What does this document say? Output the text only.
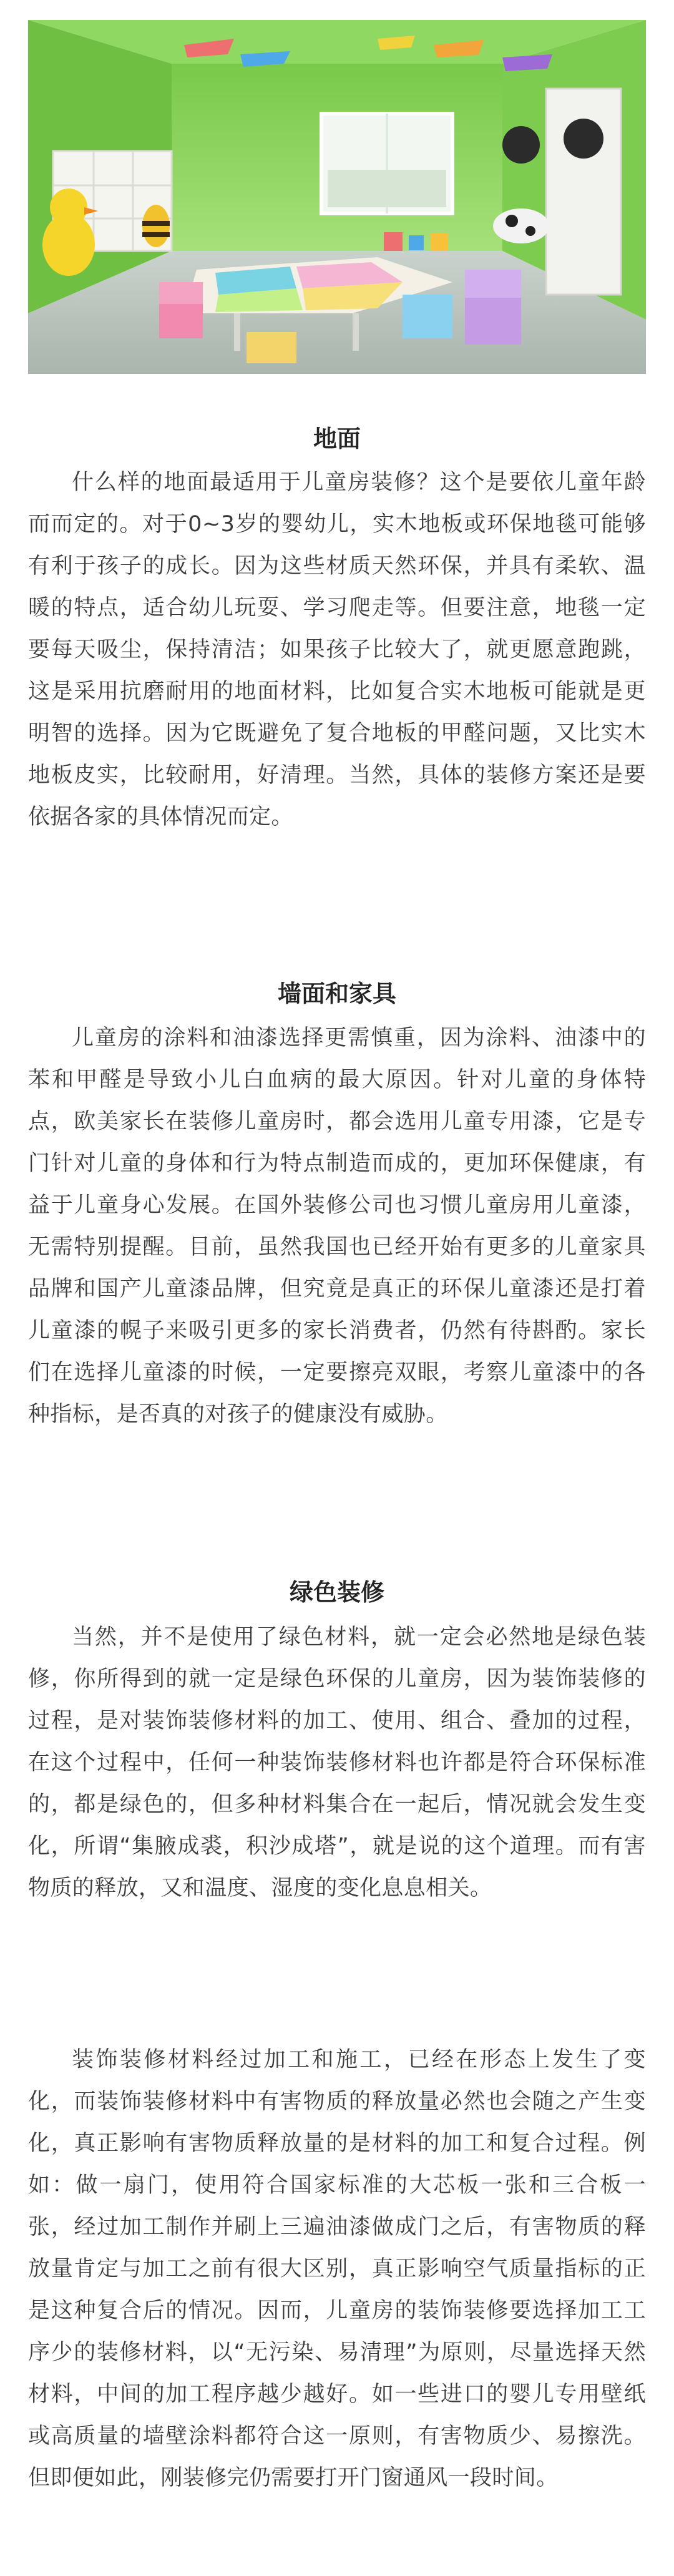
地面

什么样的地面最适用于儿童房装修？这个是要依儿童年龄而而定的。对于0~3岁的婴幼儿，实木地板或环保地毯可能够有利于孩子的成长。因为这些材质天然环保，并具有柔软、温暖的特点，适合幼儿玩耍、学习爬走等。但要注意，地毯一定要每天吸尘，保持清洁；如果孩子比较大了，就更愿意跑跳，这是采用抗磨耐用的地面材料，比如复合实木地板可能就是更明智的选择。因为它既避免了复合地板的甲醛问题，又比实木地板皮实，比较耐用，好清理。当然，具体的装修方案还是要依据各家的具体情况而定。

墙面和家具

儿童房的涂料和油漆选择更需慎重，因为涂料、油漆中的苯和甲醛是导致小儿白血病的最大原因。针对儿童的身体特点，欧美家长在装修儿童房时，都会选用儿童专用漆，它是专门针对儿童的身体和行为特点制造而成的，更加环保健康，有益于儿童身心发展。在国外装修公司也习惯儿童房用儿童漆，无需特别提醒。目前，虽然我国也已经开始有更多的儿童家具品牌和国产儿童漆品牌，但究竟是真正的环保儿童漆还是打着儿童漆的幌子来吸引更多的家长消费者，仍然有待斟酌。家长们在选择儿童漆的时候，一定要擦亮双眼，考察儿童漆中的各种指标，是否真的对孩子的健康没有威胁。

绿色装修

当然，并不是使用了绿色材料，就一定会必然地是绿色装修，你所得到的就一定是绿色环保的儿童房，因为装饰装修的过程，是对装饰装修材料的加工、使用、组合、叠加的过程，在这个过程中，任何一种装饰装修材料也许都是符合环保标准的，都是绿色的，但多种材料集合在一起后，情况就会发生变化，所谓“集腋成裘，积沙成塔”，就是说的这个道理。而有害物质的释放，又和温度、湿度的变化息息相关。

装饰装修材料经过加工和施工，已经在形态上发生了变化，而装饰装修材料中有害物质的释放量必然也会随之产生变化，真正影响有害物质释放量的是材料的加工和复合过程。例如：做一扇门，使用符合国家标准的大芯板一张和三合板一张，经过加工制作并刷上三遍油漆做成门之后，有害物质的释放量肯定与加工之前有很大区别，真正影响空气质量指标的正是这种复合后的情况。因而，儿童房的装饰装修要选择加工工序少的装修材料，以“无污染、易清理”为原则，尽量选择天然材料，中间的加工程序越少越好。如一些进口的婴儿专用壁纸或高质量的墙壁涂料都符合这一原则，有害物质少、易擦洗。但即便如此，刚装修完仍需要打开门窗通风一段时间。
